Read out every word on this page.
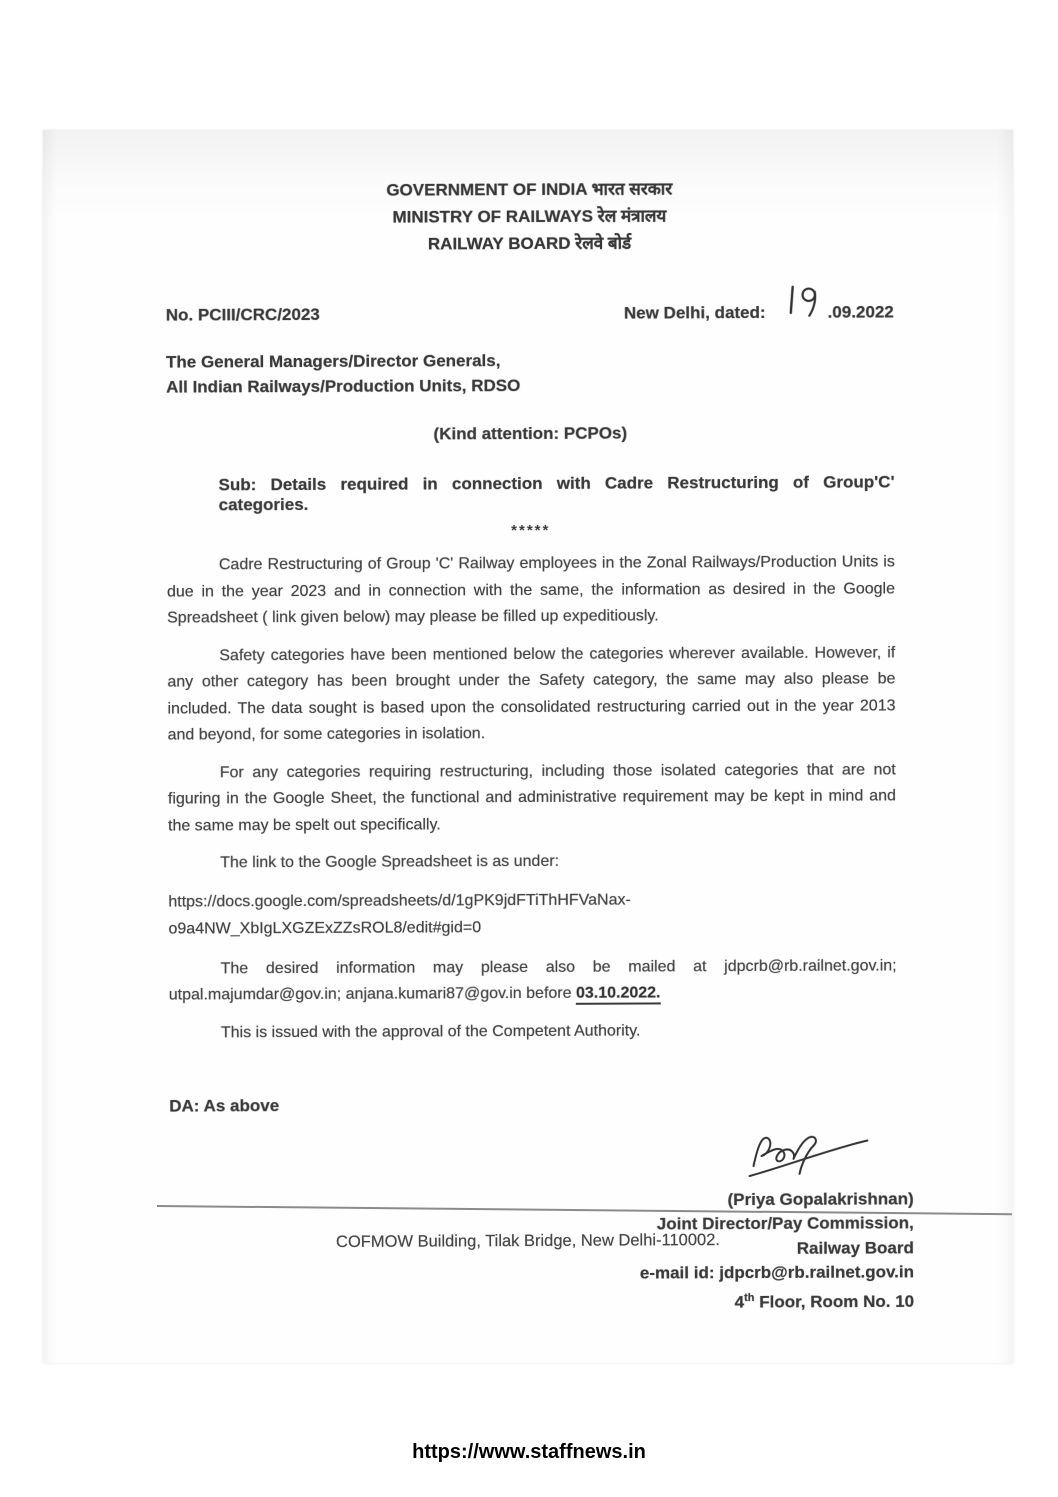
GOVERNMENT OF INDIA भारत सरकार
MINISTRY OF RAILWAYS रेल मंत्रालय
RAILWAY BOARD रेलवे बोर्ड
No. PCIII/CRC/2023	New Delhi, dated:	.09.2022
The General Managers/Director Generals,
All Indian Railways/Production Units, RDSO
(Kind attention: PCPOs)
Sub: Details required in connection with Cadre Restructuring of Group'C' categories.
*****

Cadre Restructuring of Group 'C' Railway employees in the Zonal Railways/Production Units is due in the year 2023 and in connection with the same, the information as desired in the Google Spreadsheet ( link given below) may please be filled up expeditiously.

Safety categories have been mentioned below the categories wherever available. However, if any other category has been brought under the Safety category, the same may also please be included. The data sought is based upon the consolidated restructuring carried out in the year 2013 and beyond, for some categories in isolation.

For any categories requiring restructuring, including those isolated categories that are not figuring in the Google Sheet, the functional and administrative requirement may be kept in mind and the same may be spelt out specifically.

The link to the Google Spreadsheet is as under:

https://docs.google.com/spreadsheets/d/1gPK9jdFTiThHFVaNax-
o9a4NW_XbIgLXGZExZZsROL8/edit#gid=0

The desired information may please also be mailed at jdpcrb@rb.railnet.gov.in; utpal.majumdar@gov.in; anjana.kumari87@gov.in before 03.10.2022.

This is issued with the approval of the Competent Authority.

DA: As above
(Priya Gopalakrishnan)
Joint Director/Pay Commission,
Railway Board
e-mail id: jdpcrb@rb.railnet.gov.in
4th Floor, Room No. 10
COFMOW Building, Tilak Bridge, New Delhi-110002.
https://www.staffnews.in
